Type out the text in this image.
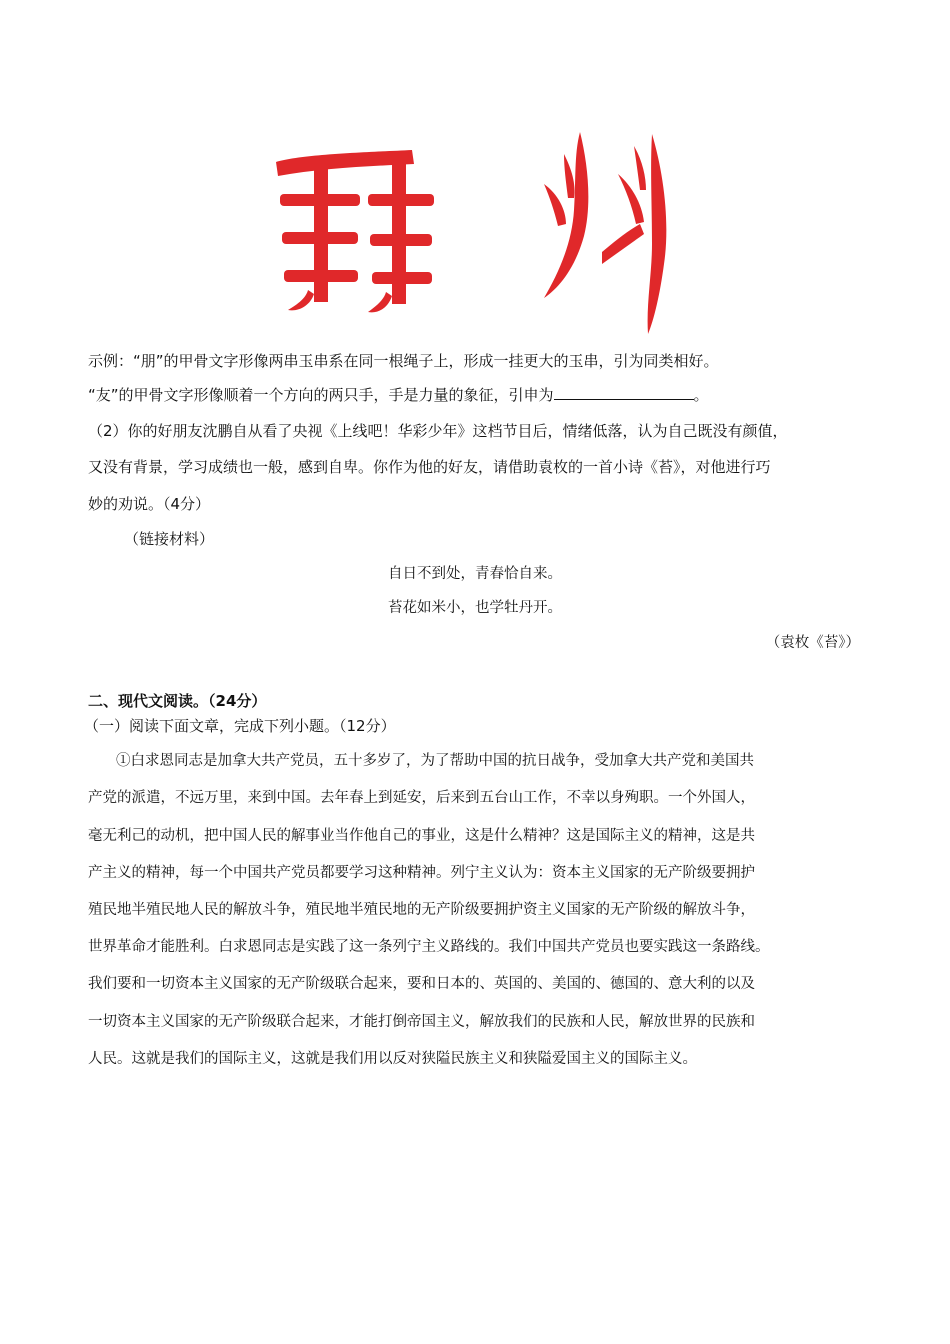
示例：“朋”的甲骨文字形像两串玉串系在同一根绳子上，形成一挂更大的玉串，引为同类相好。
“友”的甲骨文字形像顺着一个方向的两只手，手是力量的象征，引申为	。
（2）你的好朋友沈鹏自从看了央视《上线吧！华彩少年》这档节目后，情绪低落，认为自己既没有颜值，
又没有背景，学习成绩也一般，感到自卑。你作为他的好友，请借助袁枚的一首小诗《苔》，对他进行巧
妙的劝说。（4分）
（链接材料）
自日不到处，青春恰自来。
苔花如米小，也学牡丹开。
（袁枚《苔》）
二、现代文阅读。（24分）
（一）阅读下面文章，完成下列小题。（12分）
①白求恩同志是加拿大共产党员，五十多岁了，为了帮助中国的抗日战争，受加拿大共产党和美国共
产党的派遣，不远万里，来到中国。去年春上到延安，后来到五台山工作，不幸以身殉职。一个外国人，
毫无利己的动机，把中国人民的解事业当作他自己的事业，这是什么精神？这是国际主义的精神，这是共
产主义的精神，每一个中国共产党员都要学习这种精神。列宁主义认为：资本主义国家的无产阶级要拥护
殖民地半殖民地人民的解放斗争，殖民地半殖民地的无产阶级要拥护资主义国家的无产阶级的解放斗争，
世界革命才能胜利。白求恩同志是实践了这一条列宁主义路线的。我们中国共产党员也要实践这一条路线。
我们要和一切资本主义国家的无产阶级联合起来，要和日本的、英国的、美国的、德国的、意大利的以及
一切资本主义国家的无产阶级联合起来，才能打倒帝国主义，解放我们的民族和人民，解放世界的民族和
人民。这就是我们的国际主义，这就是我们用以反对狭隘民族主义和狭隘爱国主义的国际主义。
